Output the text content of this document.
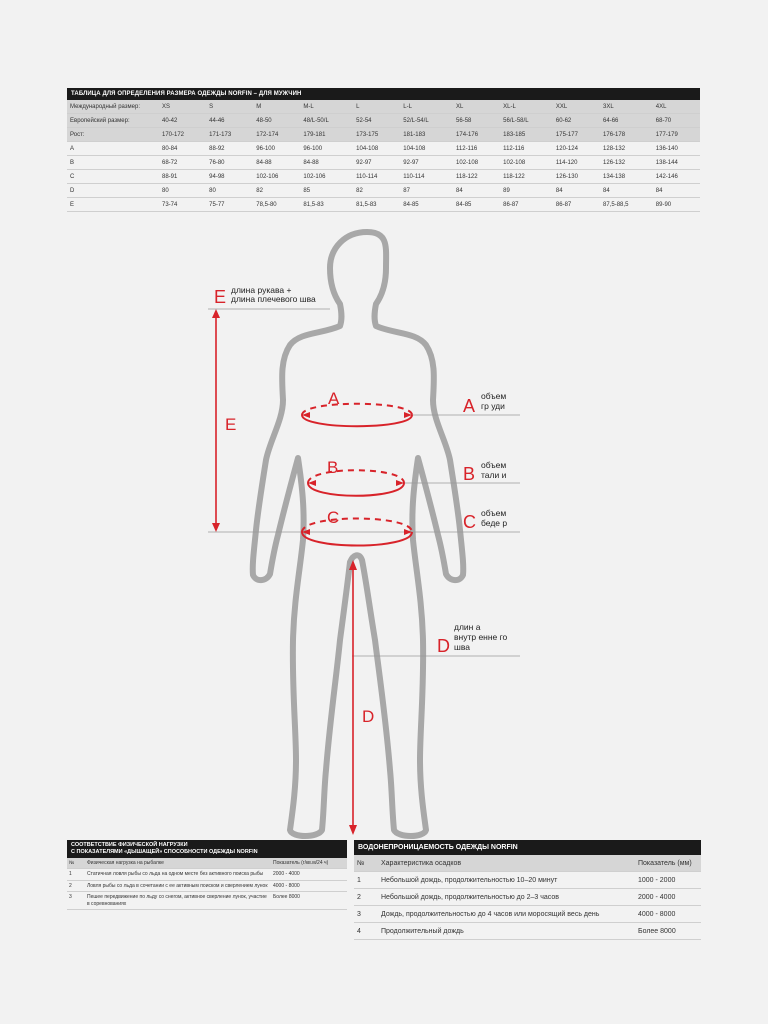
ТАБЛИЦА ДЛЯ ОПРЕДЕЛЕНИЯ РАЗМЕРА ОДЕЖДЫ NORFIN – ДЛЯ МУЖЧИН
Международный размер:	XS	S	M	M-L	L	L-L	XL	XL-L	XXL	3XL	4XL
Европейский размер:	40-42	44-46	48-50	48/L-50/L	52-54	52/L-54/L	56-58	56/L-58/L	60-62	64-66	68-70
Рост:	170-172	171-173	172-174	179-181	173-175	181-183	174-176	183-185	175-177	176-178	177-179
A	80-84	88-92	96-100	96-100	104-108	104-108	112-116	112-116	120-124	128-132	136-140
B	68-72	76-80	84-88	84-88	92-97	92-97	102-108	102-108	114-120	126-132	138-144
C	88-91	94-98	102-106	102-106	110-114	110-114	118-122	118-122	126-130	134-138	142-146
D	80	80	82	85	82	87	84	89	84	84	84
E	73-74	75-77	78,5-80	81,5-83	81,5-83	84-85	84-85	86-87	86-87	87,5-88,5	89-90
A
B
C
D
E
E длина рукава +
длина плечевого шва
A объем
гр уди
B объем
тали и
C объем
беде р
D
длин а
внутр енне го
шва
СООТВЕТСТВИЕ ФИЗИЧЕСКОЙ НАГРУЗКИ
С ПОКАЗАТЕЛЯМИ «ДЫШАЩЕЙ» СПОСОБНОСТИ ОДЕЖДЫ NORFIN
№	Физическая нагрузка на рыбалке	Показатель (г/кв.м/24 ч)
1	Статичная ловля рыбы со льда на одном месте без активного поиска рыбы	2000 - 4000
2	Ловля рыбы со льда в сочетании с ее активным поиском и сверлением лунок	4000 - 8000
3	Пешее передвижение по льду со снегом, активное сверление лунок, участие в соревнованиях	Более 8000
ВОДОНЕПРОНИЦАЕМОСТЬ ОДЕЖДЫ NORFIN
№	Характеристика осадков	Показатель (мм)
1	Небольшой дождь, продолжительностью 10–20 минут	1000 - 2000
2	Небольшой дождь, продолжительностью до 2–3 часов	2000 - 4000
3	Дождь, продолжительностью до 4 часов или моросящий весь день	4000 - 8000
4	Продолжительный дождь	Более 8000
